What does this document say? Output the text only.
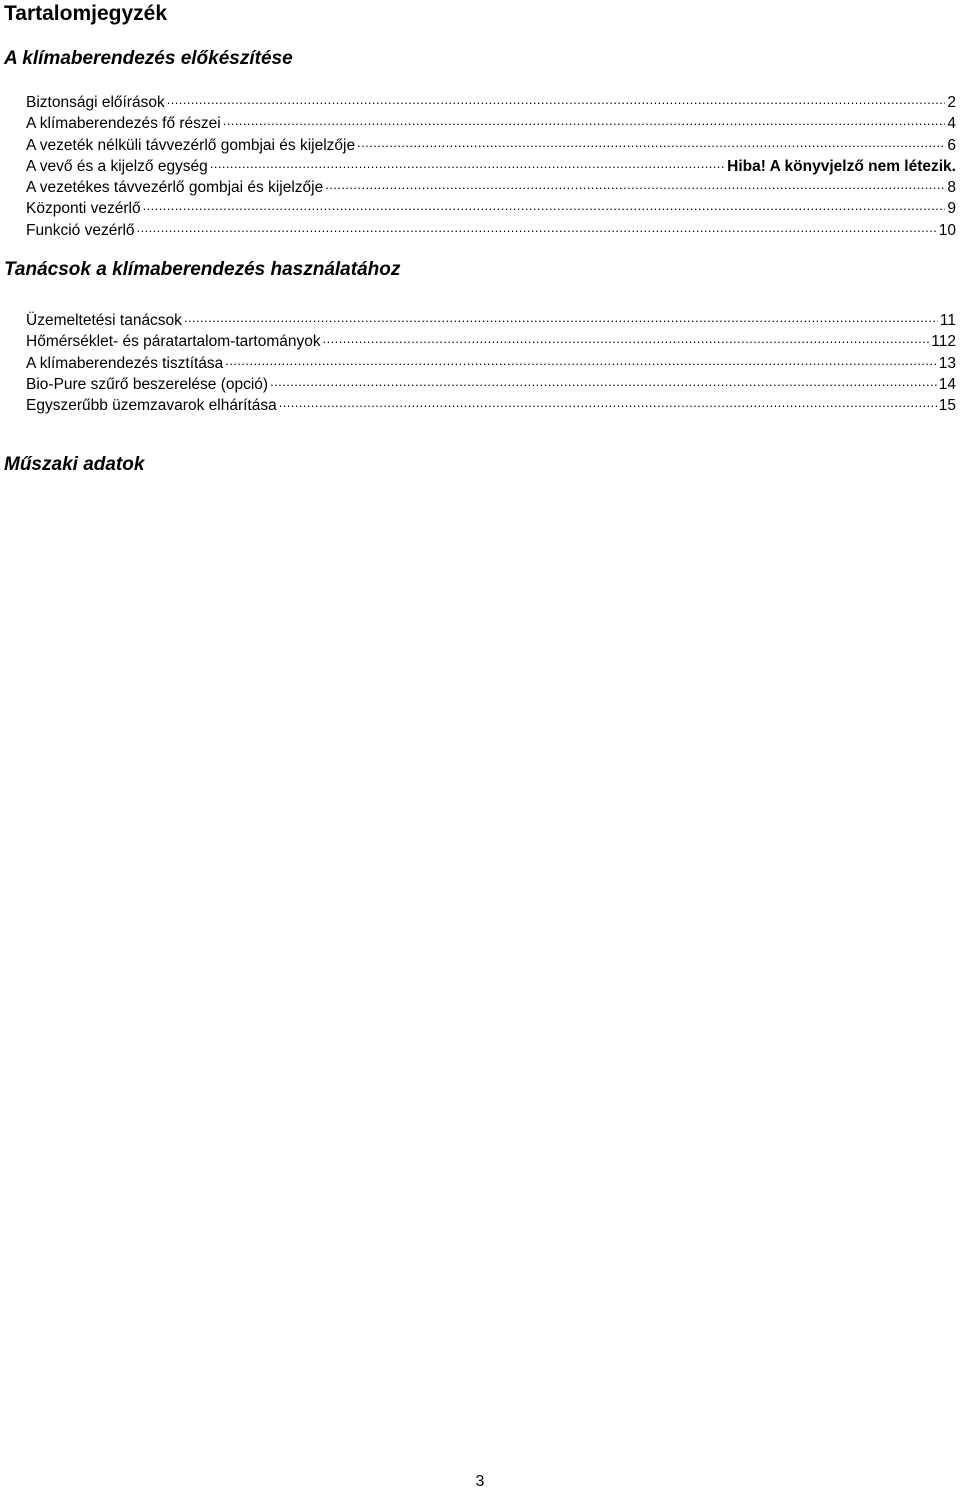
Tartalomjegyzék
A klímaberendezés előkészítése
Biztonsági előírások . . .	2
A klímaberendezés fő részei . . .	4
A vezeték nélküli távvezérlő gombjai és kijelzője . . .	6
A vevő és a kijelző egység . . .	Hiba! A könyvjelző nem létezik.
A vezetékes távvezérlő gombjai és kijelzője . . .	8
Központi vezérlő . . .	9
Funkció vezérlő . . .	10
Tanácsok a klímaberendezés használatához
Üzemeltetési tanácsok . . .	11
Hőmérséklet- és páratartalom-tartományok . . .	112
A klímaberendezés tisztítása . . .	13
Bio-Pure szűrő beszerelése (opció) . . .	14
Egyszerűbb üzemzavarok elhárítása . . .	15
Műszaki adatok
3
